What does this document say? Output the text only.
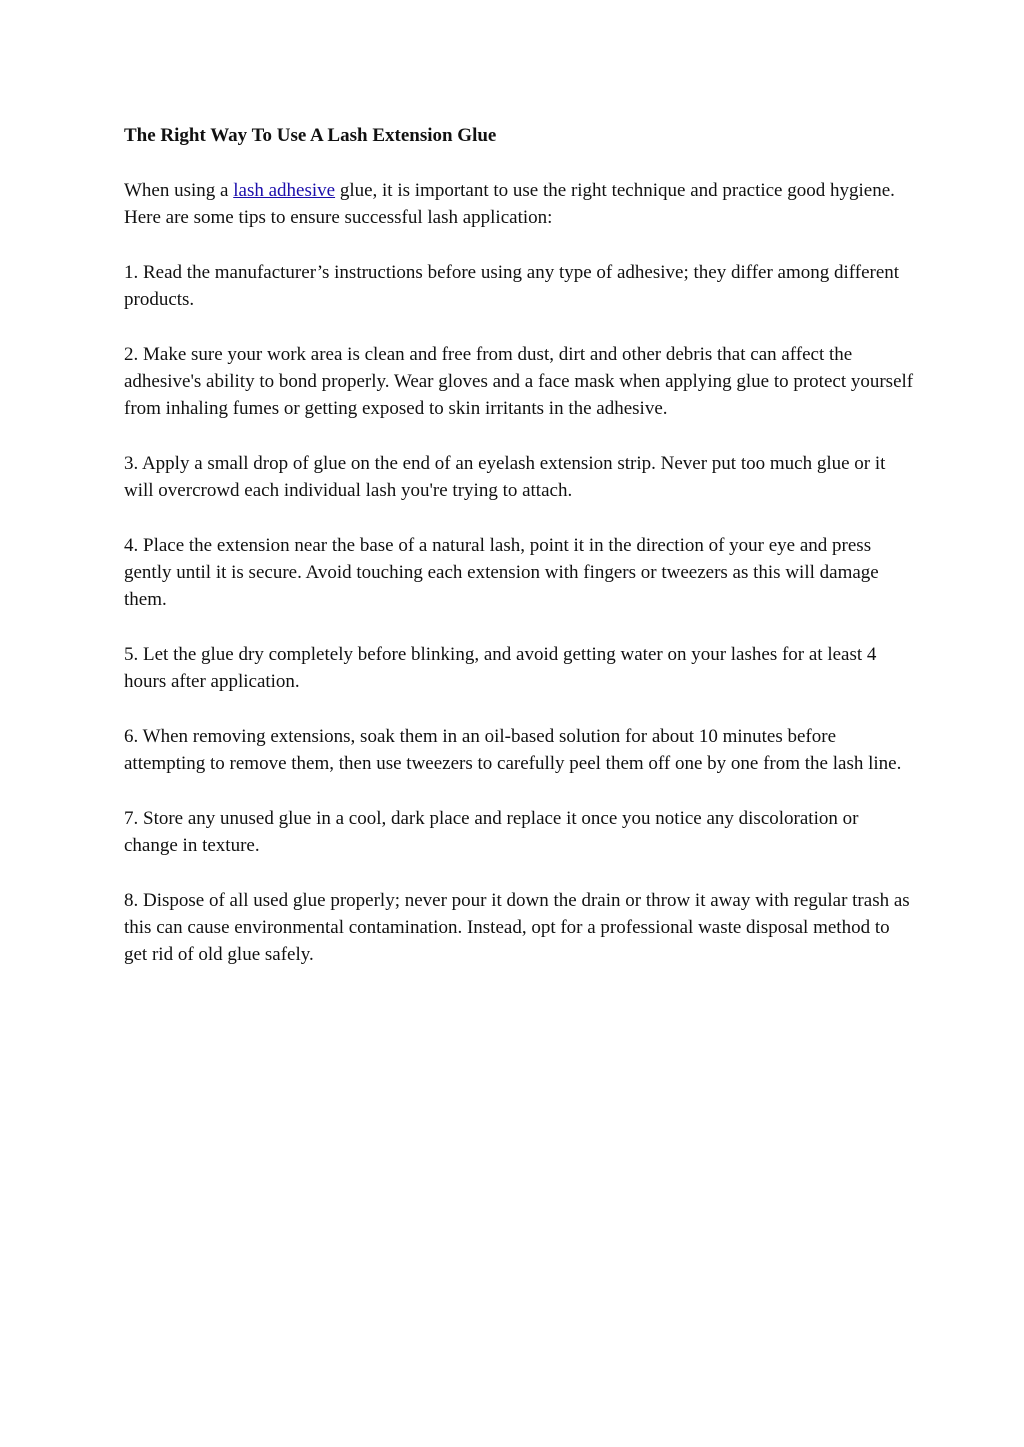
The Right Way To Use A Lash Extension Glue
When using a lash adhesive glue, it is important to use the right technique and practice good hygiene. Here are some tips to ensure successful lash application:
1. Read the manufacturer’s instructions before using any type of adhesive; they differ among different products.
2. Make sure your work area is clean and free from dust, dirt and other debris that can affect the adhesive's ability to bond properly. Wear gloves and a face mask when applying glue to protect yourself from inhaling fumes or getting exposed to skin irritants in the adhesive.
3. Apply a small drop of glue on the end of an eyelash extension strip. Never put too much glue or it will overcrowd each individual lash you're trying to attach.
4. Place the extension near the base of a natural lash, point it in the direction of your eye and press gently until it is secure. Avoid touching each extension with fingers or tweezers as this will damage them.
5. Let the glue dry completely before blinking, and avoid getting water on your lashes for at least 4 hours after application.
6. When removing extensions, soak them in an oil-based solution for about 10 minutes before attempting to remove them, then use tweezers to carefully peel them off one by one from the lash line.
7. Store any unused glue in a cool, dark place and replace it once you notice any discoloration or change in texture.
8. Dispose of all used glue properly; never pour it down the drain or throw it away with regular trash as this can cause environmental contamination. Instead, opt for a professional waste disposal method to get rid of old glue safely.
